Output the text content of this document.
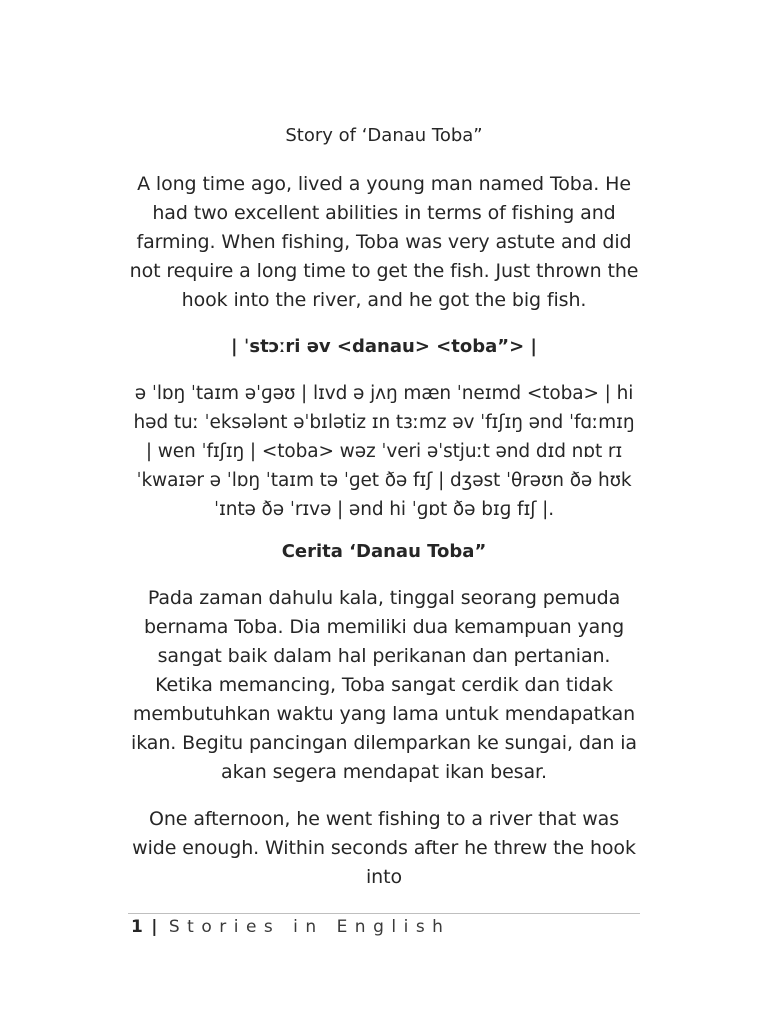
Story of ‘Danau Toba”

A long time ago, lived a young man named Toba. He had two excellent abilities in terms of fishing and farming. When fishing, Toba was very astute and did not require a long time to get the fish. Just thrown the hook into the river, and he got the big fish.

| ˈstɔːri əv <danau> <toba”> |

ə ˈlɒŋ ˈtaɪm əˈɡəʊ | lɪvd ə jʌŋ mæn ˈneɪmd <toba> | hi həd tuː ˈeksələnt əˈbɪlətiz ɪn tɜːmz əv ˈfɪʃɪŋ ənd ˈfɑːmɪŋ | wen ˈfɪʃɪŋ | <toba> wəz ˈveri əˈstjuːt ənd dɪd nɒt rɪˈkwaɪər ə ˈlɒŋ ˈtaɪm tə ˈɡet ðə fɪʃ | dʒəst ˈθrəʊn ðə hʊk ˈɪntə ðə ˈrɪvə | ənd hi ˈɡɒt ðə bɪɡ fɪʃ |.

Cerita ‘Danau Toba”

Pada zaman dahulu kala, tinggal seorang pemuda bernama Toba. Dia memiliki dua kemampuan yang sangat baik dalam hal perikanan dan pertanian. Ketika memancing, Toba sangat cerdik dan tidak membutuhkan waktu yang lama untuk mendapatkan ikan. Begitu pancingan dilemparkan ke sungai, dan ia akan segera mendapat ikan besar.

One afternoon, he went fishing to a river that was wide enough. Within seconds after he threw the hook into

1 | Stories in English
